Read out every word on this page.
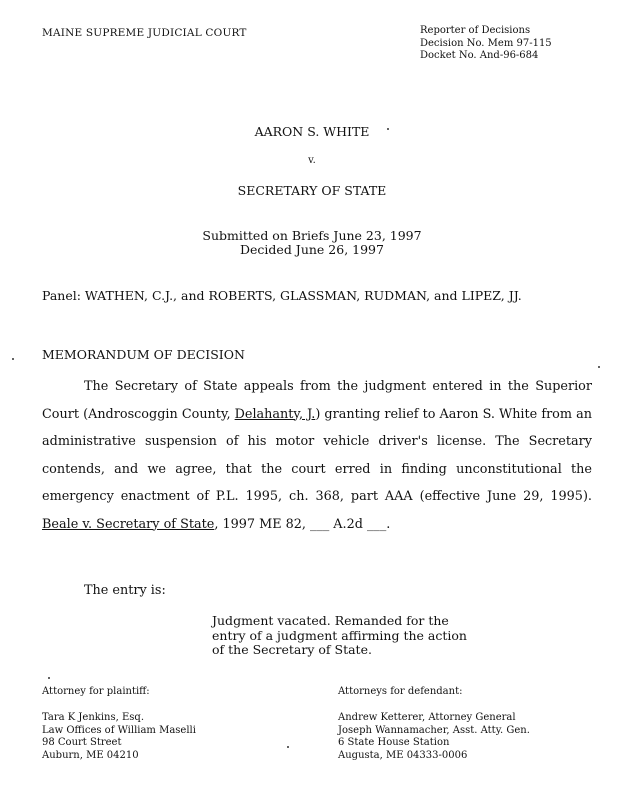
MAINE SUPREME JUDICIAL COURT	Reporter of Decisions
Decision No. Mem 97-115
Docket No. And-96-684
AARON S. WHITE
v.
SECRETARY OF STATE
Submitted on Briefs June 23, 1997
Decided June 26, 1997
Panel: WATHEN, C.J., and ROBERTS, GLASSMAN, RUDMAN, and LIPEZ, JJ.
MEMORANDUM OF DECISION

The Secretary of State appeals from the judgment entered in the Superior Court (Androscoggin County, Delahanty, J.) granting relief to Aaron S. White from an administrative suspension of his motor vehicle driver's license. The Secretary contends, and we agree, that the court erred in finding unconstitutional the emergency enactment of P.L. 1995, ch. 368, part AAA (effective June 29, 1995). Beale v. Secretary of State, 1997 ME 82, ___ A.2d ___.

The entry is:
Judgment vacated. Remanded for the
entry of a judgment affirming the action
of the Secretary of State.
Attorney for plaintiff:	Attorneys for defendant:
Tara K Jenkins, Esq.
Law Offices of William Maselli
98 Court Street
Auburn, ME 04210
Andrew Ketterer, Attorney General
Joseph Wannamacher, Asst. Atty. Gen.
6 State House Station
Augusta, ME 04333-0006
